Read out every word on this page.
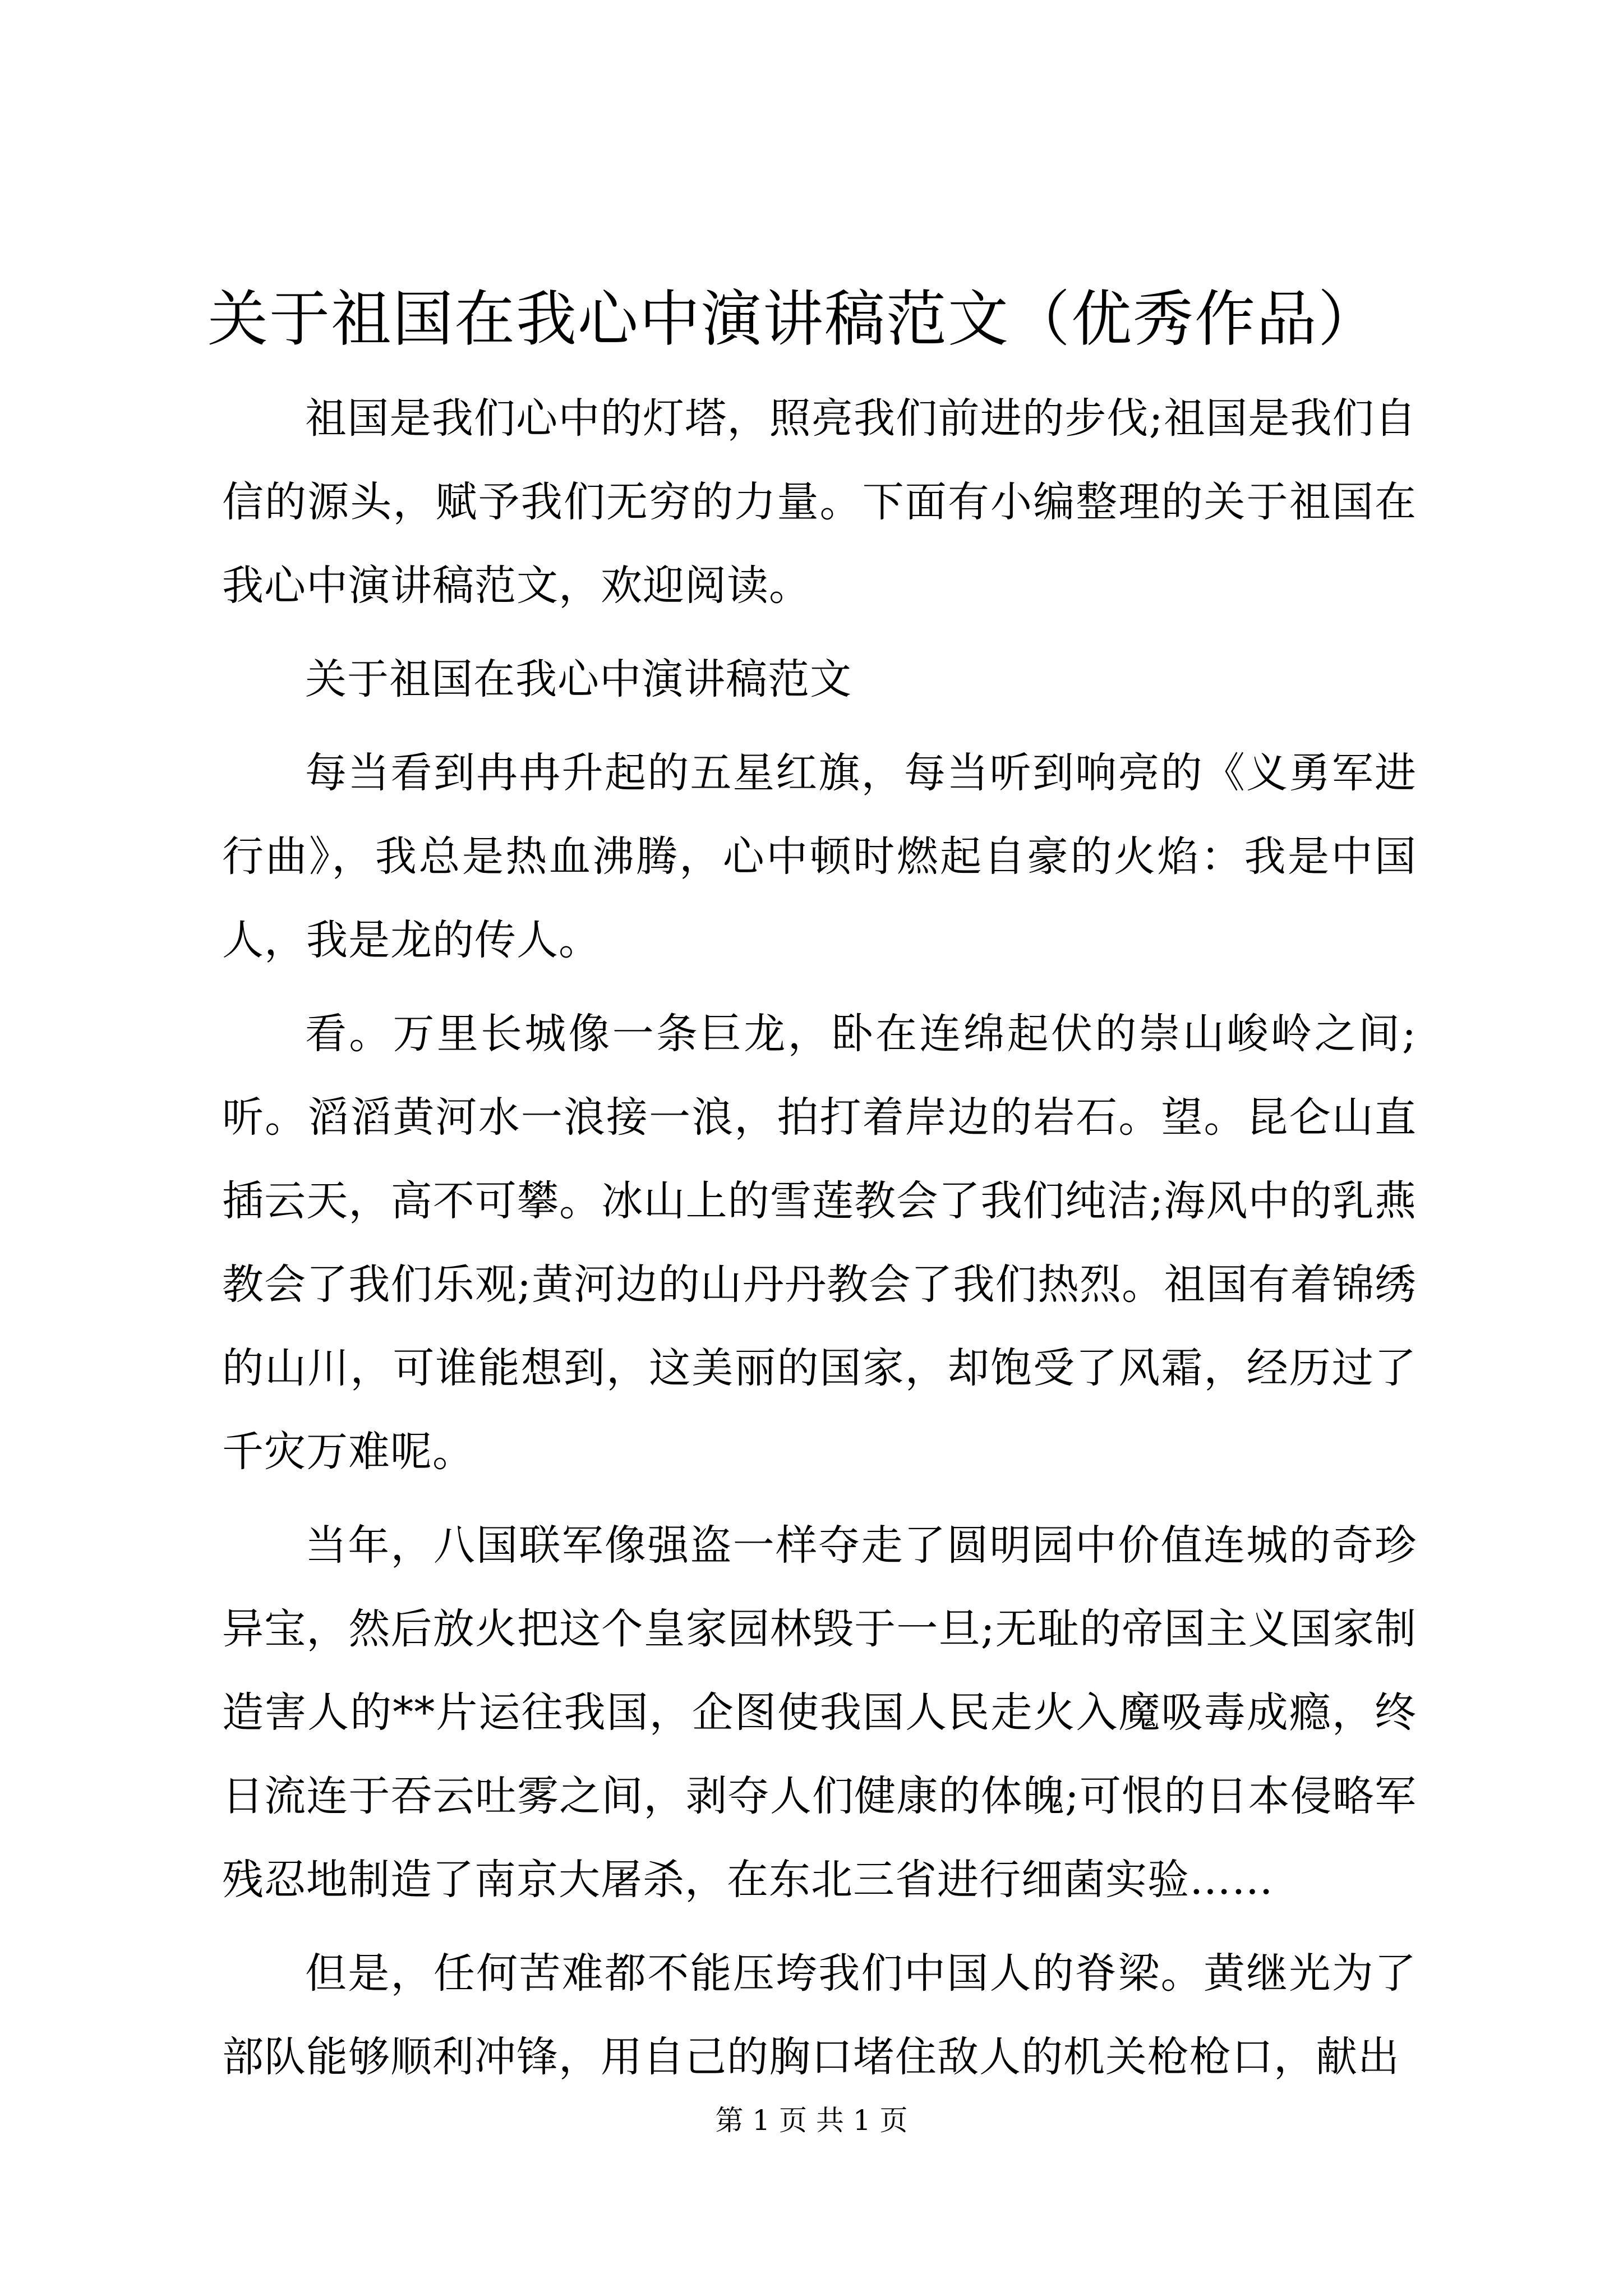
关于祖国在我心中演讲稿范文（优秀作品）

祖国是我们心中的灯塔，照亮我们前进的步伐;祖国是我们自信的源头，赋予我们无穷的力量。下面有小编整理的关于祖国在我心中演讲稿范文，欢迎阅读。

关于祖国在我心中演讲稿范文

每当看到冉冉升起的五星红旗，每当听到响亮的《义勇军进行曲》，我总是热血沸腾，心中顿时燃起自豪的火焰：我是中国人，我是龙的传人。

看。万里长城像一条巨龙，卧在连绵起伏的崇山峻岭之间;听。滔滔黄河水一浪接一浪，拍打着岸边的岩石。望。昆仑山直插云天，高不可攀。冰山上的雪莲教会了我们纯洁;海风中的乳燕教会了我们乐观;黄河边的山丹丹教会了我们热烈。祖国有着锦绣的山川，可谁能想到，这美丽的国家，却饱受了风霜，经历过了千灾万难呢。

当年，八国联军像强盗一样夺走了圆明园中价值连城的奇珍异宝，然后放火把这个皇家园林毁于一旦;无耻的帝国主义国家制造害人的**片运往我国，企图使我国人民走火入魔吸毒成瘾，终日流连于吞云吐雾之间，剥夺人们健康的体魄;可恨的日本侵略军残忍地制造了南京大屠杀，在东北三省进行细菌实验……

但是，任何苦难都不能压垮我们中国人的脊梁。黄继光为了部队能够顺利冲锋，用自己的胸口堵住敌人的机关枪枪口，献出

第 1 页 共 1 页
